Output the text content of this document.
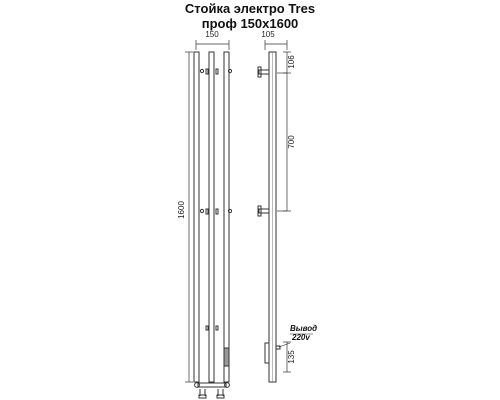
Стойка электро Tres
проф 150x1600
150
1600
105
106
700
135
Вывод
220v
